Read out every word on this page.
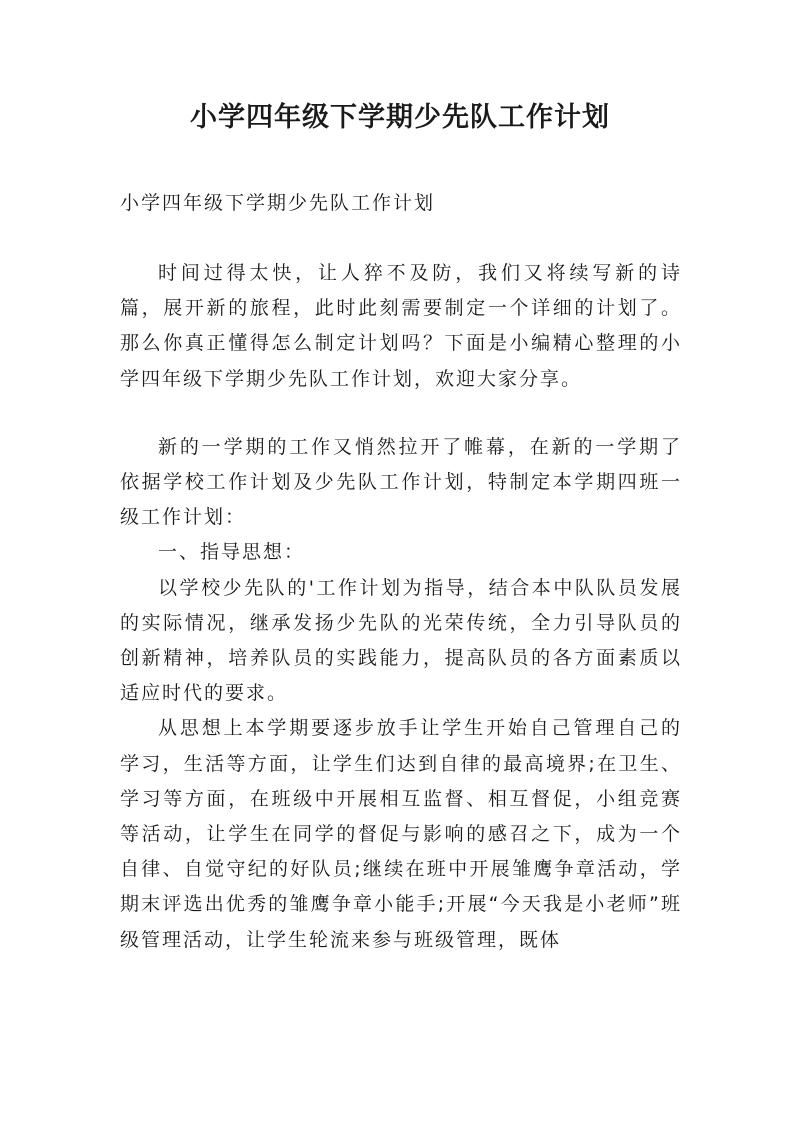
小学四年级下学期少先队工作计划
小学四年级下学期少先队工作计划

时间过得太快，让人猝不及防，我们又将续写新的诗篇，展开新的旅程，此时此刻需要制定一个详细的计划了。那么你真正懂得怎么制定计划吗？下面是小编精心整理的小学四年级下学期少先队工作计划，欢迎大家分享。

新的一学期的工作又悄然拉开了帷幕，在新的一学期了依据学校工作计划及少先队工作计划，特制定本学期四班一级工作计划：

一、指导思想：

以学校少先队的'工作计划为指导，结合本中队队员发展的实际情况，继承发扬少先队的光荣传统，全力引导队员的创新精神，培养队员的实践能力，提高队员的各方面素质以适应时代的要求。

从思想上本学期要逐步放手让学生开始自己管理自己的学习，生活等方面，让学生们达到自律的最高境界;在卫生、学习等方面，在班级中开展相互监督、相互督促，小组竞赛等活动，让学生在同学的督促与影响的感召之下，成为一个自律、自觉守纪的好队员;继续在班中开展雏鹰争章活动，学期末评选出优秀的雏鹰争章小能手;开展“今天我是小老师”班级管理活动，让学生轮流来参与班级管理，既体
